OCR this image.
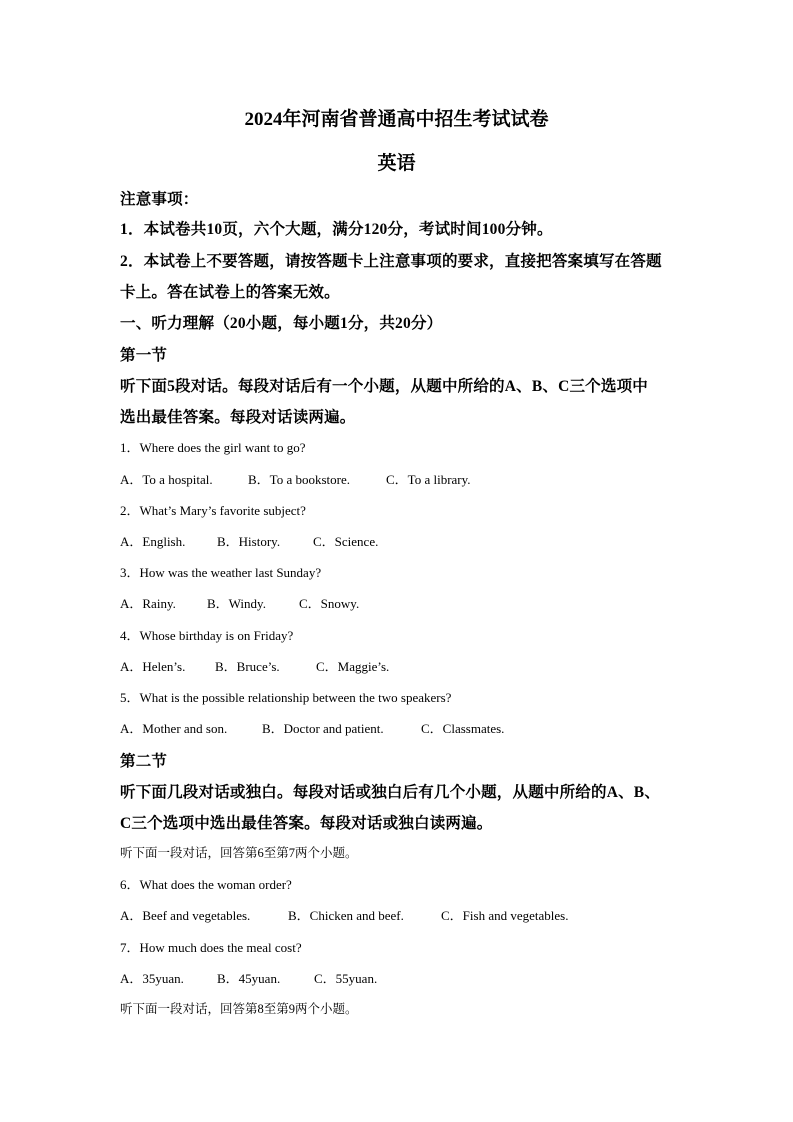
2024年河南省普通高中招生考试试卷
英语
注意事项：
1．本试卷共10页，六个大题，满分120分，考试时间100分钟。
2．本试卷上不要答题，请按答题卡上注意事项的要求，直接把答案填写在答题
卡上。答在试卷上的答案无效。
一、听力理解（20小题，每小题1分，共20分）
第一节
听下面5段对话。每段对话后有一个小题，从题中所给的A、B、C三个选项中
选出最佳答案。每段对话读两遍。
1．Where does the girl want to go?
A．To a hospital.	B．To a bookstore.	C．To a library.
2．What’s Mary’s favorite subject?
A．English. B．History.	C．Science.
3．How was the weather last Sunday?
A．Rainy. B．Windy.	C．Snowy.
4．Whose birthday is on Friday?
A．Helen’s. B．Bruce’s.	C．Maggie’s.
5．What is the possible relationship between the two speakers?
A．Mother and son.	B．Doctor and patient.	C．Classmates.
第二节
听下面几段对话或独白。每段对话或独白后有几个小题，从题中所给的A、B、
C三个选项中选出最佳答案。每段对话或独白读两遍。
听下面一段对话，回答第6至第7两个小题。
6．What does the woman order?
A．Beef and vegetables.	B．Chicken and beef.	C．Fish and vegetables.
7．How much does the meal cost?
A．35yuan.	B．45yuan.	C．55yuan.
听下面一段对话，回答第8至第9两个小题。
